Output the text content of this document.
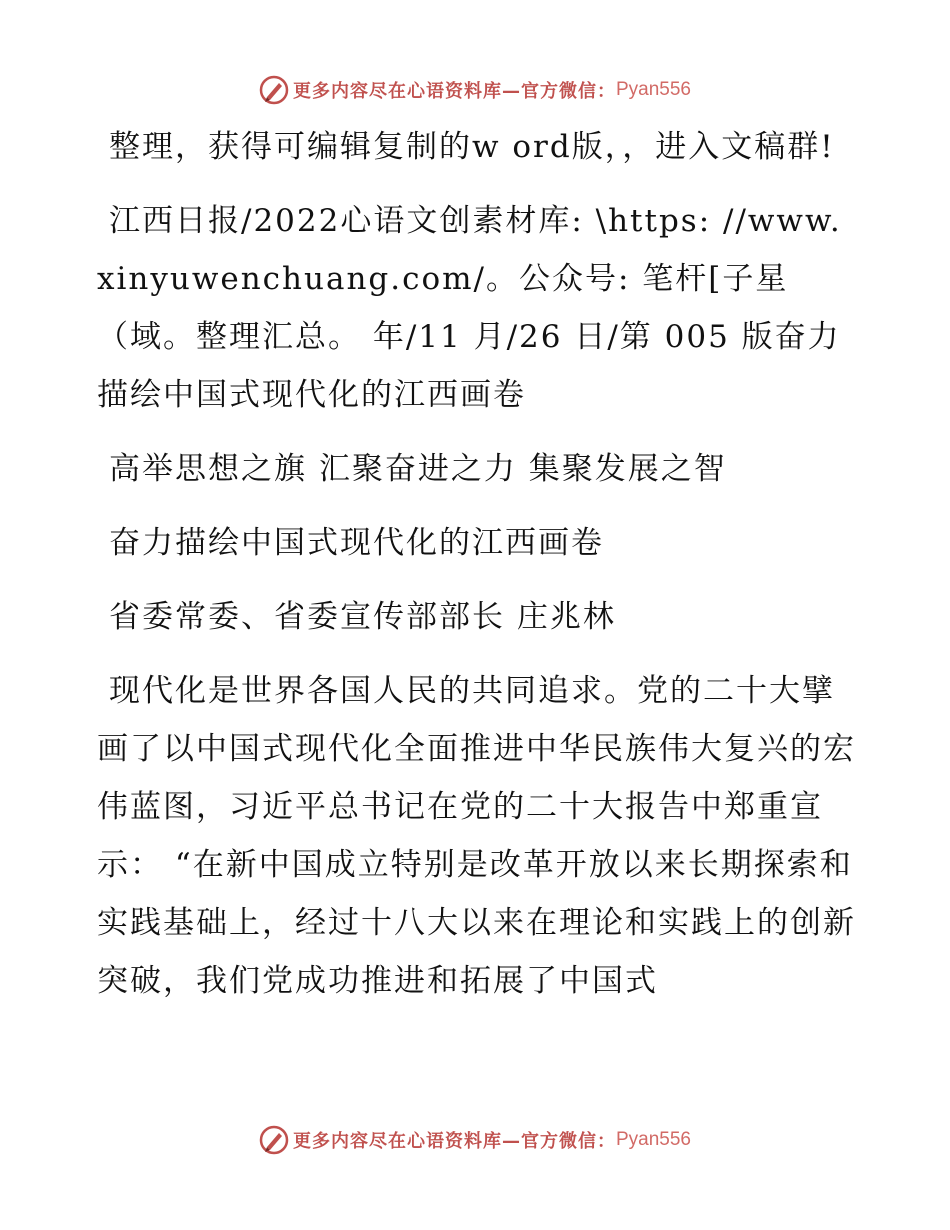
更多内容尽在心语资料库—官方微信： Pyan556

整理，获得可编辑复制的w ord版，，进入文稿群!

江西日报/2022心语文创素材库: \https: //www.xinyuwenchuang.com/。公众号: 笔杆[子星（域。整理汇总。 年/11 月/26 日/第 005 版奋力描绘中国式现代化的江西画卷

高举思想之旗 汇聚奋进之力 集聚发展之智

奋力描绘中国式现代化的江西画卷

省委常委、省委宣传部部长 庄兆林

现代化是世界各国人民的共同追求。党的二十大擘画了以中国式现代化全面推进中华民族伟大复兴的宏伟蓝图，习近平总书记在党的二十大报告中郑重宣示： “在新中国成立特别是改革开放以来长期探索和实践基础上，经过十八大以来在理论和实践上的创新突破，我们党成功推进和拓展了中国式

更多内容尽在心语资料库—官方微信： Pyan556
